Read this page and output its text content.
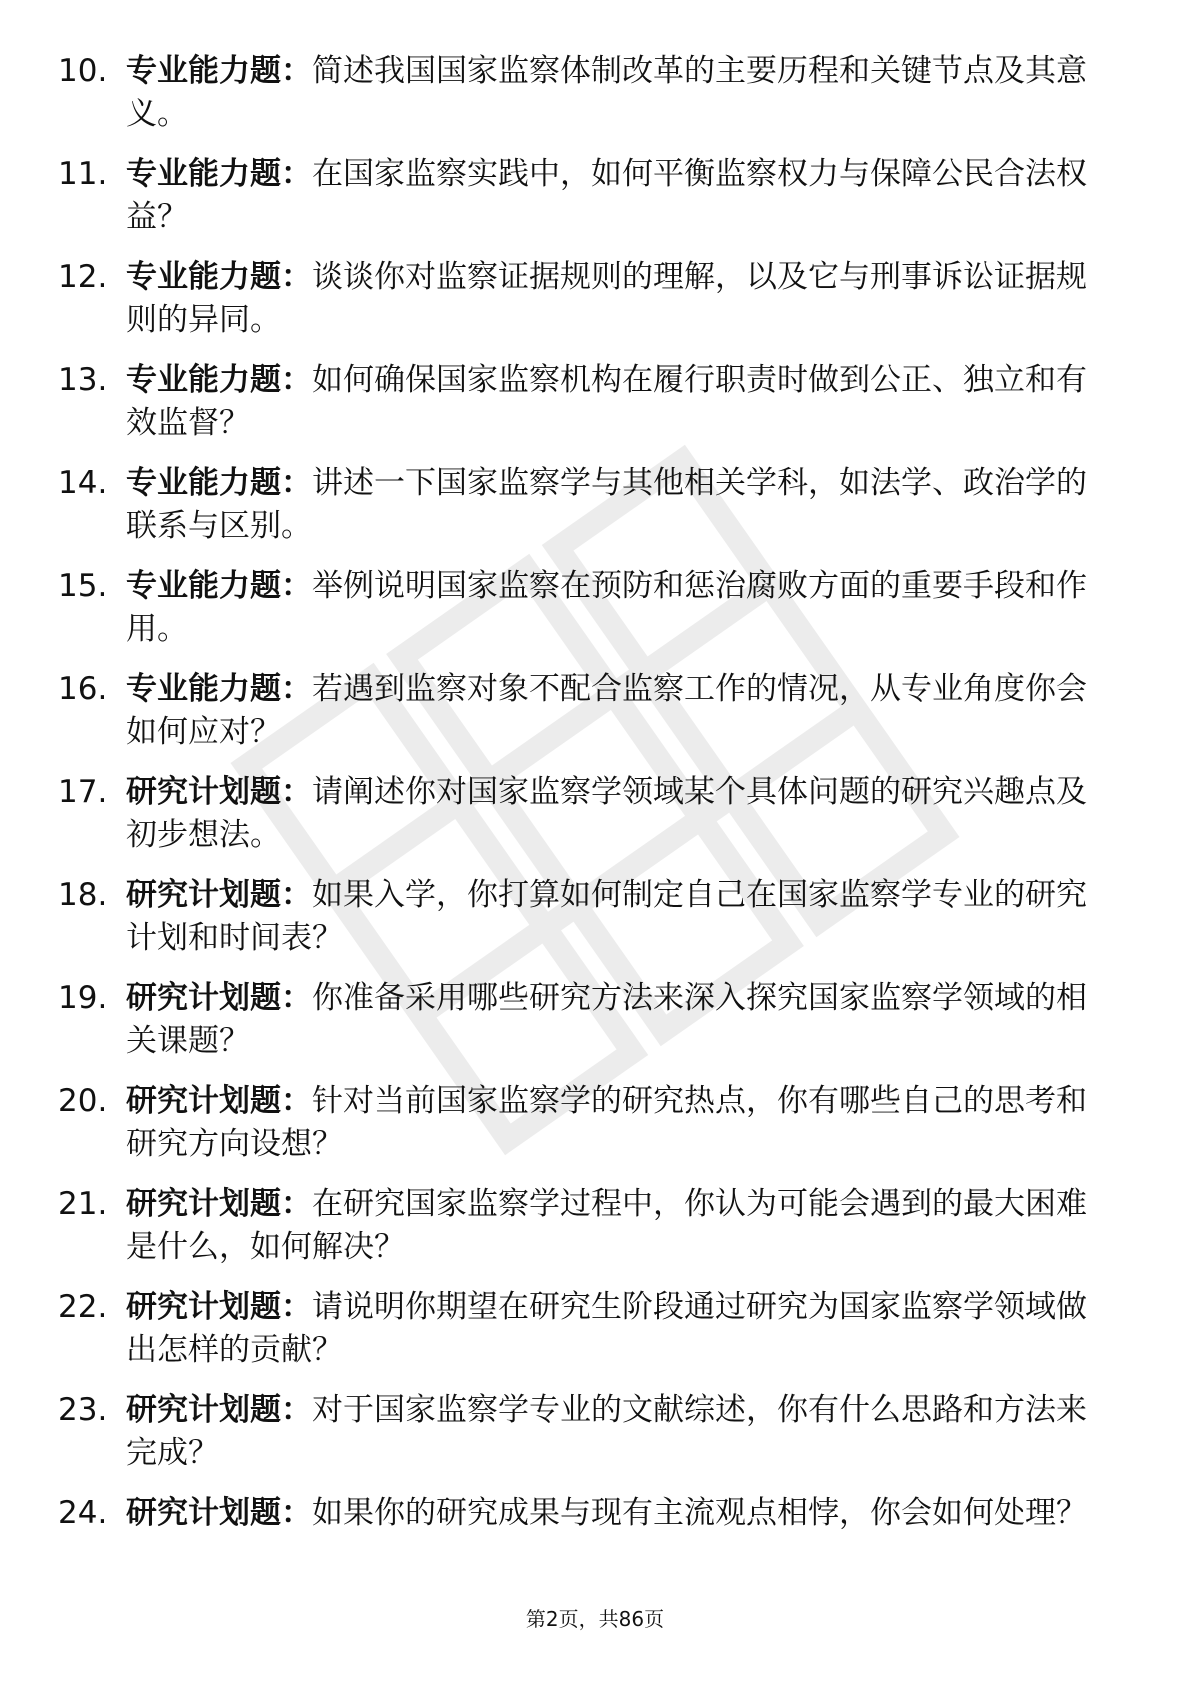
10. 专业能力题：简述我国国家监察体制改革的主要历程和关键节点及其意义。
11. 专业能力题：在国家监察实践中，如何平衡监察权力与保障公民合法权益？
12. 专业能力题：谈谈你对监察证据规则的理解，以及它与刑事诉讼证据规则的异同。
13. 专业能力题：如何确保国家监察机构在履行职责时做到公正、独立和有效监督？
14. 专业能力题：讲述一下国家监察学与其他相关学科，如法学、政治学的联系与区别。
15. 专业能力题：举例说明国家监察在预防和惩治腐败方面的重要手段和作用。
16. 专业能力题：若遇到监察对象不配合监察工作的情况，从专业角度你会如何应对？
17. 研究计划题：请阐述你对国家监察学领域某个具体问题的研究兴趣点及初步想法。
18. 研究计划题：如果入学，你打算如何制定自己在国家监察学专业的研究计划和时间表？
19. 研究计划题：你准备采用哪些研究方法来深入探究国家监察学领域的相关课题？
20. 研究计划题：针对当前国家监察学的研究热点，你有哪些自己的思考和研究方向设想？
21. 研究计划题：在研究国家监察学过程中，你认为可能会遇到的最大困难是什么，如何解决？
22. 研究计划题：请说明你期望在研究生阶段通过研究为国家监察学领域做出怎样的贡献？
23. 研究计划题：对于国家监察学专业的文献综述，你有什么思路和方法来完成？
24. 研究计划题：如果你的研究成果与现有主流观点相悖，你会如何处理？
第2页，共86页
